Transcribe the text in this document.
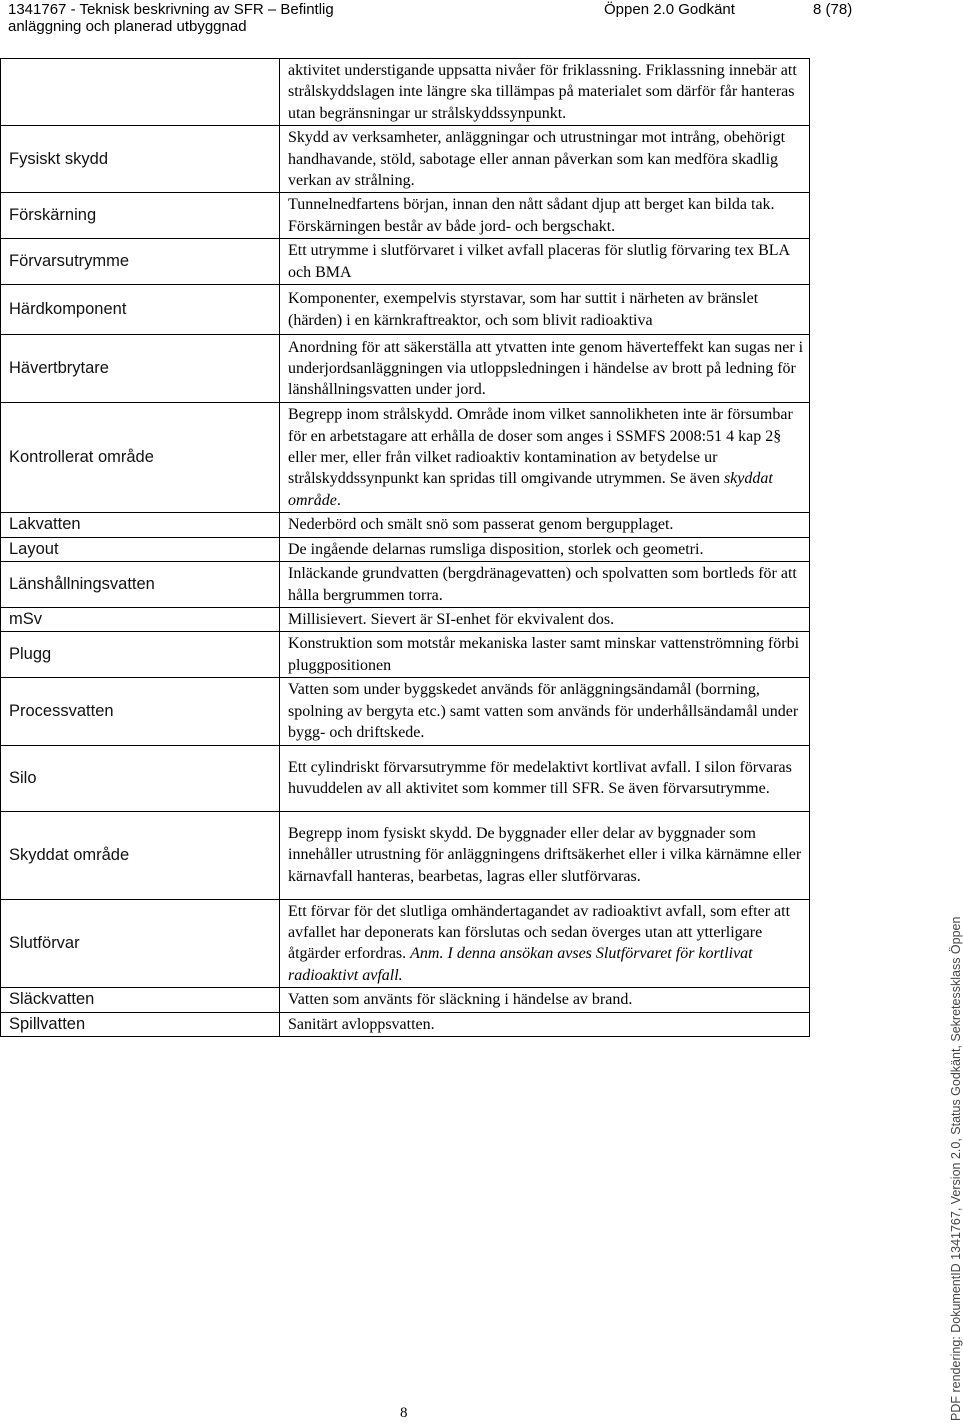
1341767 - Teknisk beskrivning av SFR – Befintlig
anläggning och planerad utbyggnad
Öppen 2.0 Godkänt	8 (78)
	aktivitet understigande uppsatta nivåer för friklassning. Friklassning innebär att strålskyddslagen inte längre ska tillämpas på materialet som därför får hanteras utan begränsningar ur strålskyddssynpunkt.
Fysiskt skydd	Skydd av verksamheter, anläggningar och utrustningar mot intrång, obehörigt handhavande, stöld, sabotage eller annan påverkan som kan medföra skadlig verkan av strålning.
Förskärning	Tunnelnedfartens början, innan den nått sådant djup att berget kan bilda tak. Förskärningen består av både jord- och bergschakt.
Förvarsutrymme	Ett utrymme i slutförvaret i vilket avfall placeras för slutlig förvaring tex BLA och BMA
Härdkomponent	Komponenter, exempelvis styrstavar, som har suttit i närheten av bränslet (härden) i en kärnkraftreaktor, och som blivit radioaktiva
Hävertbrytare	Anordning för att säkerställa att ytvatten inte genom häverteffekt kan sugas ner i underjordsanläggningen via utloppsledningen i händelse av brott på ledning för länshållningsvatten under jord.
Kontrollerat område	Begrepp inom strålskydd. Område inom vilket sannolikheten inte är försumbar för en arbetstagare att erhålla de doser som anges i SSMFS 2008:51 4 kap 2§ eller mer, eller från vilket radioaktiv kontamination av betydelse ur strålskyddssynpunkt kan spridas till omgivande utrymmen. Se även skyddat område.
Lakvatten	Nederbörd och smält snö som passerat genom bergupplaget.
Layout	De ingående delarnas rumsliga disposition, storlek och geometri.
Länshållningsvatten	Inläckande grundvatten (bergdränagevatten) och spolvatten som bortleds för att hålla bergrummen torra.
mSv	Millisievert. Sievert är SI-enhet för ekvivalent dos.
Plugg	Konstruktion som motstår mekaniska laster samt minskar vattenströmning förbi pluggpositionen
Processvatten	Vatten som under byggskedet används för anläggningsändamål (borrning, spolning av bergyta etc.) samt vatten som används för underhållsändamål under bygg- och driftskede.
Silo	Ett cylindriskt förvarsutrymme för medelaktivt kortlivat avfall. I silon förvaras huvuddelen av all aktivitet som kommer till SFR. Se även förvarsutrymme.
Skyddat område	Begrepp inom fysiskt skydd. De byggnader eller delar av byggnader som innehåller utrustning för anläggningens driftsäkerhet eller i vilka kärnämne eller kärnavfall hanteras, bearbetas, lagras eller slutförvaras.
Slutförvar	Ett förvar för det slutliga omhändertagandet av radioaktivt avfall, som efter att avfallet har deponerats kan förslutas och sedan överges utan att ytterligare åtgärder erfordras. Anm. I denna ansökan avses Slutförvaret för kortlivat radioaktivt avfall.
Släckvatten	Vatten som använts för släckning i händelse av brand.
Spillvatten	Sanitärt avloppsvatten.
8	PDF rendering: DokumentID 1341767, Version 2.0, Status Godkänt, Sekretessklass Öppen
